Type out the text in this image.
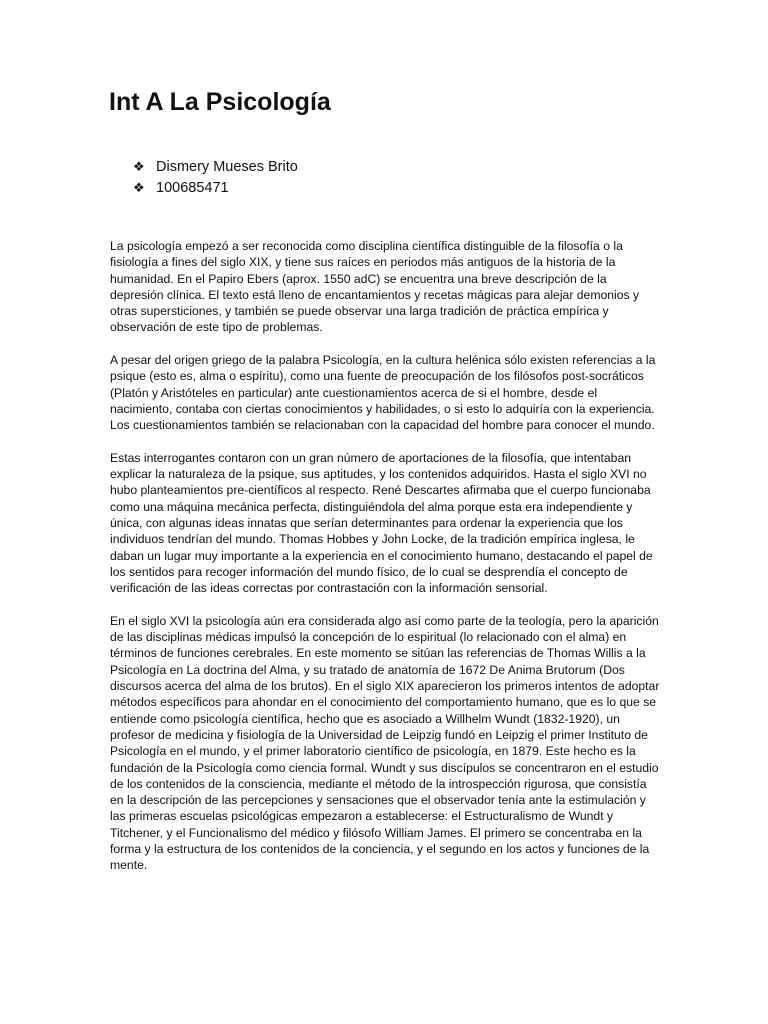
Int A La Psicología
❖ Dismery Mueses Brito
❖ 100685471

La psicología empezó a ser reconocida como disciplina científica distinguible de la filosofía o la fisiología a fines del siglo XIX, y tiene sus raíces en periodos más antiguos de la historia de la humanidad. En el Papiro Ebers (aprox. 1550 adC) se encuentra una breve descripción de la depresión clínica. El texto está lleno de encantamientos y recetas mágicas para alejar demonios y otras supersticiones, y también se puede observar una larga tradición de práctica empírica y observación de este tipo de problemas.

A pesar del origen griego de la palabra Psicología, en la cultura helénica sólo existen referencias a la psique (esto es, alma o espíritu), como una fuente de preocupación de los filósofos post-socráticos (Platón y Aristóteles en particular) ante cuestionamientos acerca de si el hombre, desde el nacimiento, contaba con ciertas conocimientos y habilidades, o si esto lo adquiría con la experiencia. Los cuestionamientos también se relacionaban con la capacidad del hombre para conocer el mundo.

Estas interrogantes contaron con un gran número de aportaciones de la filosofía, que intentaban explicar la naturaleza de la psique, sus aptitudes, y los contenidos adquiridos. Hasta el siglo XVI no hubo planteamientos pre-científicos al respecto. René Descartes afirmaba que el cuerpo funcionaba como una máquina mecánica perfecta, distinguiéndola del alma porque esta era independiente y única, con algunas ideas innatas que serían determinantes para ordenar la experiencia que los individuos tendrían del mundo. Thomas Hobbes y John Locke, de la tradición empírica inglesa, le daban un lugar muy importante a la experiencia en el conocimiento humano, destacando el papel de los sentidos para recoger información del mundo físico, de lo cual se desprendía el concepto de verificación de las ideas correctas por contrastación con la información sensorial.

En el siglo XVI la psicología aún era considerada algo así como parte de la teología, pero la aparición de las disciplinas médicas impulsó la concepción de lo espiritual (lo relacionado con el alma) en términos de funciones cerebrales. En este momento se sitúan las referencias de Thomas Willis a la Psicología en La doctrina del Alma, y su tratado de anatomía de 1672 De Anima Brutorum (Dos discursos acerca del alma de los brutos). En el siglo XIX aparecieron los primeros intentos de adoptar métodos específicos para ahondar en el conocimiento del comportamiento humano, que es lo que se entiende como psicología científica, hecho que es asociado a Willhelm Wundt (1832-1920), un profesor de medicina y fisiología de la Universidad de Leipzig fundó en Leipzig el primer Instituto de Psicología en el mundo, y el primer laboratorio científico de psicología, en 1879. Este hecho es la fundación de la Psicología como ciencia formal. Wundt y sus discípulos se concentraron en el estudio de los contenidos de la consciencia, mediante el método de la introspección rigurosa, que consistía en la descripción de las percepciones y sensaciones que el observador tenía ante la estimulación y las primeras escuelas psicológicas empezaron a establecerse: el Estructuralismo de Wundt y Titchener, y el Funcionalismo del médico y filósofo William James. El primero se concentraba en la forma y la estructura de los contenidos de la conciencia, y el segundo en los actos y funciones de la mente.
